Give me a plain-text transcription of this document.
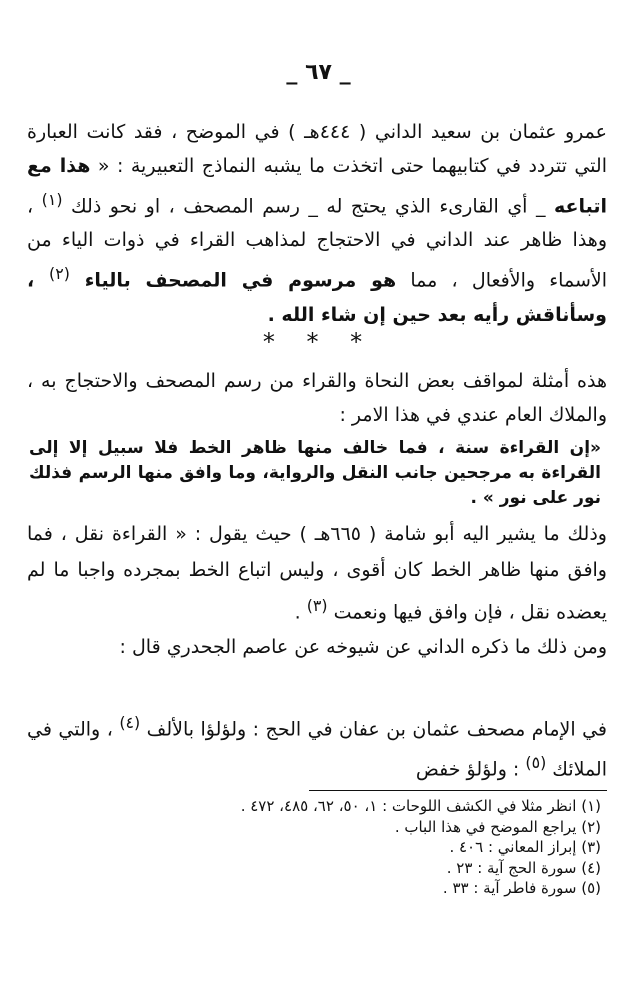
_ ٦٧ _
عمرو عثمان بن سعيد الداني ( ٤٤٤هـ ) في الموضح ، فقد كانت العبارة التي تتردد في كتابيهما حتى اتخذت ما يشبه النماذج التعبيرية : « هذا مع اتباعه _ أي القارىء الذي يحتج له _ رسم المصحف ، او نحو ذلك $^{(١)}$ ، وهذا ظاهر عند الداني في الاحتجاج لمذاهب القراء في ذوات الياء من الأسماء والأفعال ، مما هو مرسوم في المصحف بالياء $^{(٢)}$ ، وسأناقش رأيه بعد حين إن شاء الله .
* * *
هذه أمثلة لمواقف بعض النحاة والقراء من رسم المصحف والاحتجاج به ، والملاك العام عندي في هذا الامر :
«إن القراءة سنة ، فما خالف منها ظاهر الخط فلا سبيل إلا إلى القراءة به مرجحين جانب النقل والرواية، وما وافق منها الرسم فذلك نور على نور » .
وذلك ما يشير اليه أبو شامة ( ٦٦٥هـ ) حيث يقول : « القراءة نقل ، فما وافق منها ظاهر الخط كان أقوى ، وليس اتباع الخط بمجرده واجبا ما لم يعضده نقل ، فإن وافق فيها ونعمت $^{(٣)}$ .
ومن ذلك ما ذكره الداني عن شيوخه عن عاصم الجحدري قال :
في الإمام مصحف عثمان بن عفان في الحج : ولؤلؤا بالألف $^{(٤)}$ ، والتي في الملائك $^{(٥)}$ : ولؤلؤ خفض
(١) انظر مثلا في الكشف اللوحات : ١، ٥٠، ٦٢، ٤٨٥، ٤٧٢ .
(٢) يراجع الموضح في هذا الباب .
(٣) إبراز المعاني : ٤٠٦ .
(٤) سورة الحج آية : ٢٣ .
(٥) سورة فاطر آية : ٣٣ .
